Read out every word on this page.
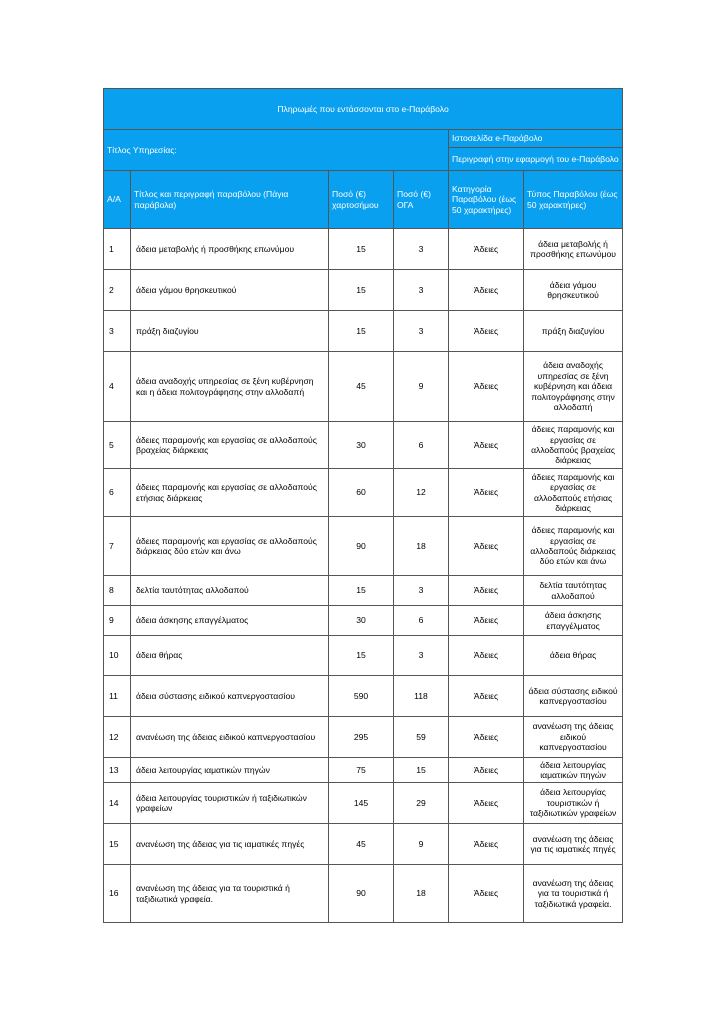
Πληρωμές που εντάσσονται στο e-Παράβολο					
Τίτλος Υπηρεσίας:				Ιστοσελίδα e-Παράβολο	
				Περιγραφή στην εφαρμογή του e-Παράβολο	
Α/Α	Τίτλος και περιγραφή παραβόλου (Πάγια παράβολα)	Ποσό (€) χαρτοσήμου	Ποσό (€) ΟΓΑ	Κατηγορία Παραβόλου (έως 50 χαρακτήρες)	Τύπος Παραβόλου (έως 50 χαρακτήρες)
1	άδεια μεταβολής ή προσθήκης επωνύμου	15	3	Άδειες	άδεια μεταβολής ή προσθήκης επωνύμου
2	άδεια γάμου θρησκευτικού	15	3	Άδειες	άδεια γάμου θρησκευτικού
3	πράξη διαζυγίου	15	3	Άδειες	πράξη διαζυγίου
4	άδεια αναδοχής υπηρεσίας σε ξένη κυβέρνηση και η άδεια πολιτογράφησης στην αλλοδαπή	45	9	Άδειες	άδεια αναδοχής υπηρεσίας σε ξένη κυβέρνηση και άδεια πολιτογράφησης στην αλλοδαπή
5	άδειες παραμονής και εργασίας σε αλλοδαπούς βραχείας διάρκειας	30	6	Άδειες	άδειες παραμονής και εργασίας σε αλλοδαπούς βραχείας διάρκειας
6	άδειες παραμονής και εργασίας σε αλλοδαπούς ετήσιας διάρκειας	60	12	Άδειες	άδειες παραμονής και εργασίας σε αλλοδαπούς ετήσιας διάρκειας
7	άδειες παραμονής και εργασίας σε αλλοδαπούς διάρκειας δύο ετών και άνω	90	18	Άδειες	άδειες παραμονής και εργασίας σε αλλοδαπούς διάρκειας δύο ετών και άνω
8	δελτία ταυτότητας αλλοδαπού	15	3	Άδειες	δελτία ταυτότητας αλλοδαπού
9	άδεια άσκησης επαγγέλματος	30	6	Άδειες	άδεια άσκησης επαγγέλματος
10	άδεια θήρας	15	3	Άδειες	άδεια θήρας
11	άδεια σύστασης ειδικού καπνεργοστασίου	590	118	Άδειες	άδεια σύστασης ειδικού καπνεργοστασίου
12	ανανέωση της άδειας ειδικού καπνεργοστασίου	295	59	Άδειες	ανανέωση της άδειας ειδικού καπνεργοστασίου
13	άδεια λειτουργίας ιαματικών πηγών	75	15	Άδειες	άδεια λειτουργίας ιαματικών πηγών
14	άδεια λειτουργίας τουριστικών ή ταξιδιωτικών γραφείων	145	29	Άδειες	άδεια λειτουργίας τουριστικών ή ταξιδιωτικών γραφείων
15	ανανέωση της άδειας για τις ιαματικές πηγές	45	9	Άδειες	ανανέωση της άδειας για τις ιαματικές πηγές
16	ανανέωση της άδειας για τα τουριστικά ή ταξιδιωτικά γραφεία.	90	18	Άδειες	ανανέωση της άδειας για τα τουριστικά ή ταξιδιωτικά γραφεία.
